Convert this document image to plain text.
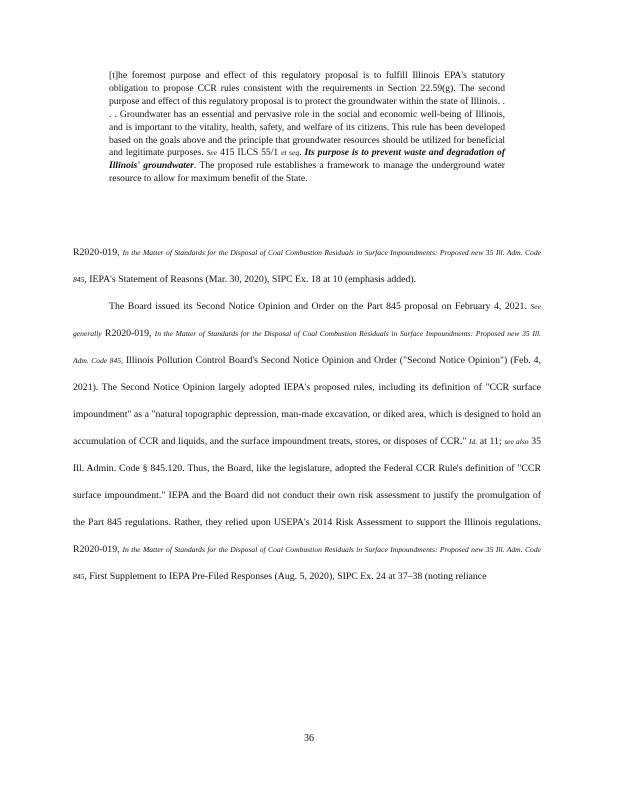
[t]he foremost purpose and effect of this regulatory proposal is to fulfill Illinois EPA's statutory obligation to propose CCR rules consistent with the requirements in Section 22.59(g). The second purpose and effect of this regulatory proposal is to protect the groundwater within the state of Illinois. . . . Groundwater has an essential and pervasive role in the social and economic well-being of Illinois, and is important to the vitality, health, safety, and welfare of its citizens. This rule has been developed based on the goals above and the principle that groundwater resources should be utilized for beneficial and legitimate purposes. See 415 ILCS 55/1 et seq. Its purpose is to prevent waste and degradation of Illinois' groundwater. The proposed rule establishes a framework to manage the underground water resource to allow for maximum benefit of the State.

R2020-019, In the Matter of Standards for the Disposal of Coal Combustion Residuals in Surface Impoundments: Proposed new 35 Ill. Adm. Code 845, IEPA's Statement of Reasons (Mar. 30, 2020), SIPC Ex. 18 at 10 (emphasis added).

The Board issued its Second Notice Opinion and Order on the Part 845 proposal on February 4, 2021. See generally R2020-019, In the Matter of Standards for the Disposal of Coal Combustion Residuals in Surface Impoundments: Proposed new 35 Ill. Adm. Code 845, Illinois Pollution Control Board's Second Notice Opinion and Order ("Second Notice Opinion") (Feb. 4, 2021). The Second Notice Opinion largely adopted IEPA's proposed rules, including its definition of "CCR surface impoundment" as a "natural topographic depression, man-made excavation, or diked area, which is designed to hold an accumulation of CCR and liquids, and the surface impoundment treats, stores, or disposes of CCR." Id. at 11; see also 35 Ill. Admin. Code § 845.120. Thus, the Board, like the legislature, adopted the Federal CCR Rule's definition of "CCR surface impoundment." IEPA and the Board did not conduct their own risk assessment to justify the promulgation of the Part 845 regulations. Rather, they relied upon USEPA's 2014 Risk Assessment to support the Illinois regulations. R2020-019, In the Matter of Standards for the Disposal of Coal Combustion Residuals in Surface Impoundments: Proposed new 35 Ill. Adm. Code 845, First Supplement to IEPA Pre-Filed Responses (Aug. 5, 2020), SIPC Ex. 24 at 37–38 (noting reliance

36
